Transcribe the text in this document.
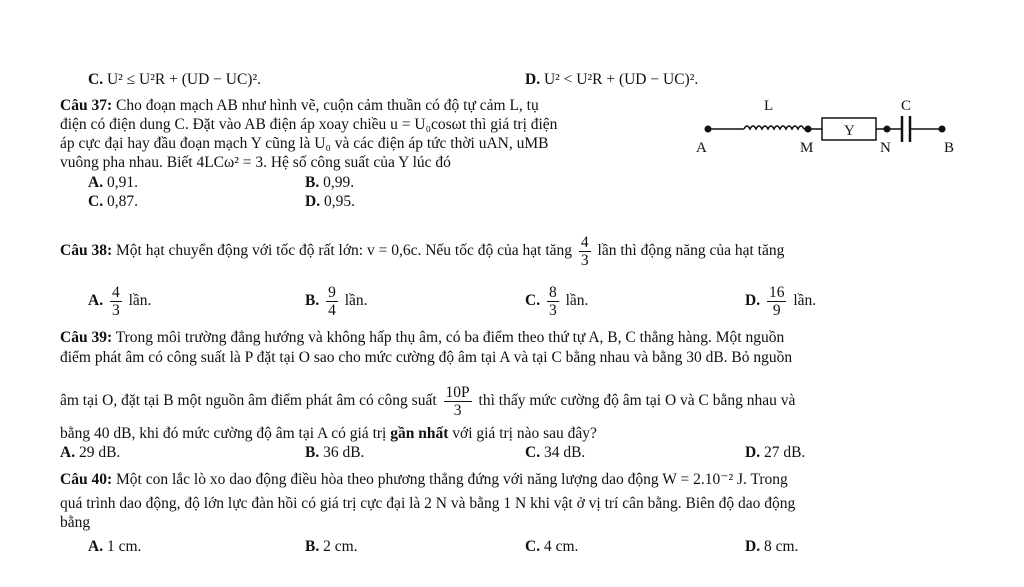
C. U² ≤ U²R + (UD − UC)².	D. U² < U²R + (UD − UC)².
Câu 37: Cho đoạn mạch AB như hình vẽ, cuộn cảm thuần có độ tự cảm L, tụ
điện có điện dung C. Đặt vào AB điện áp xoay chiều u = U₀cosωt thì giá trị điện
áp cực đại hay đầu đoạn mạch Y cũng là U₀ và các điện áp tức thời uAN, uMB
vuông pha nhau. Biết 4LCω² = 3. Hệ số công suất của Y lúc đó
A. 0,91.	B. 0,99.
C. 0,87.	D. 0,95.
L	C
Y
A	M	N	B
Câu 38: Một hạt chuyển động với tốc độ rất lớn: v = 0,6c. Nếu tốc độ của hạt tăng $\frac{4}{3}$ lần thì động năng của hạt tăng
A. $\frac{4}{3}$ lần.	B. $\frac{9}{4}$ lần.	C. $\frac{8}{3}$ lần.	D. $\frac{16}{9}$ lần.
Câu 39: Trong môi trường đẳng hướng và không hấp thụ âm, có ba điểm theo thứ tự A, B, C thẳng hàng. Một nguồn
điểm phát âm có công suất là P đặt tại O sao cho mức cường độ âm tại A và tại C bằng nhau và bằng 30 dB. Bỏ nguồn
âm tại O, đặt tại B một nguồn âm điểm phát âm có công suất $\frac{10P}{3}$ thì thấy mức cường độ âm tại O và C bằng nhau và
bằng 40 dB, khi đó mức cường độ âm tại A có giá trị gần nhất với giá trị nào sau đây?
A. 29 dB.	B. 36 dB.	C. 34 dB.	D. 27 dB.
Câu 40: Một con lắc lò xo dao động điều hòa theo phương thẳng đứng với năng lượng dao động W = 2.10⁻² J. Trong
quá trình dao động, độ lớn lực đàn hồi có giá trị cực đại là 2 N và bằng 1 N khi vật ở vị trí cân bằng. Biên độ dao động
bằng
A. 1 cm.	B. 2 cm.	C. 4 cm.	D. 8 cm.
